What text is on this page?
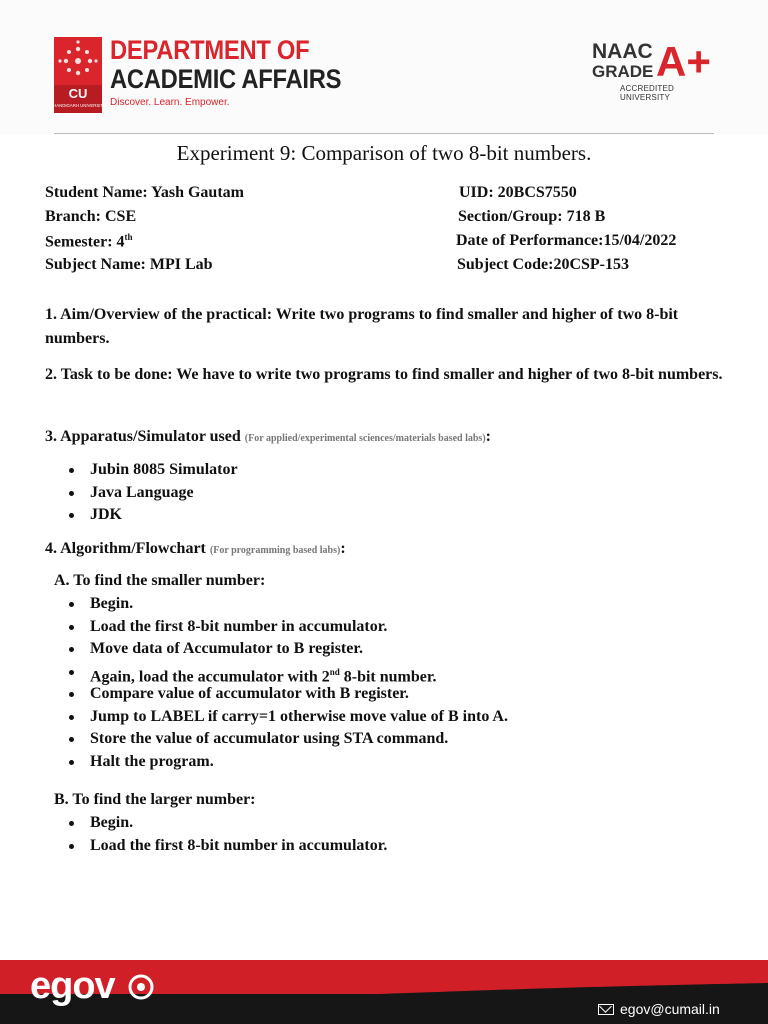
CU
CHANDIGARH UNIVERSITY
DEPARTMENT OF
ACADEMIC AFFAIRS
Discover. Learn. Empower.
NAAC
GRADE A+
ACCREDITED UNIVERSITY
Experiment 9: Comparison of two 8-bit numbers.
Student Name: Yash Gautam	UID: 20BCS7550
Branch: CSE	Section/Group: 718 B
Semester: 4th	Date of Performance:15/04/2022
Subject Name: MPI Lab	Subject Code:20CSP-153
1. Aim/Overview of the practical: Write two programs to find smaller and higher of two 8-bit numbers.
2. Task to be done: We have to write two programs to find smaller and higher of two 8-bit numbers.
3. Apparatus/Simulator used (For applied/experimental sciences/materials based labs):
Jubin 8085 Simulator
Java Language
JDK
4. Algorithm/Flowchart (For programming based labs):
A. To find the smaller number:
Begin.
Load the first 8-bit number in accumulator.
Move data of Accumulator to B register.
Again, load the accumulator with 2nd 8-bit number.
Compare value of accumulator with B register.
Jump to LABEL if carry=1 otherwise move value of B into A.
Store the value of accumulator using STA command.
Halt the program.
B. To find the larger number:
Begin.
Load the first 8-bit number in accumulator.
egov
egov@cumail.in
